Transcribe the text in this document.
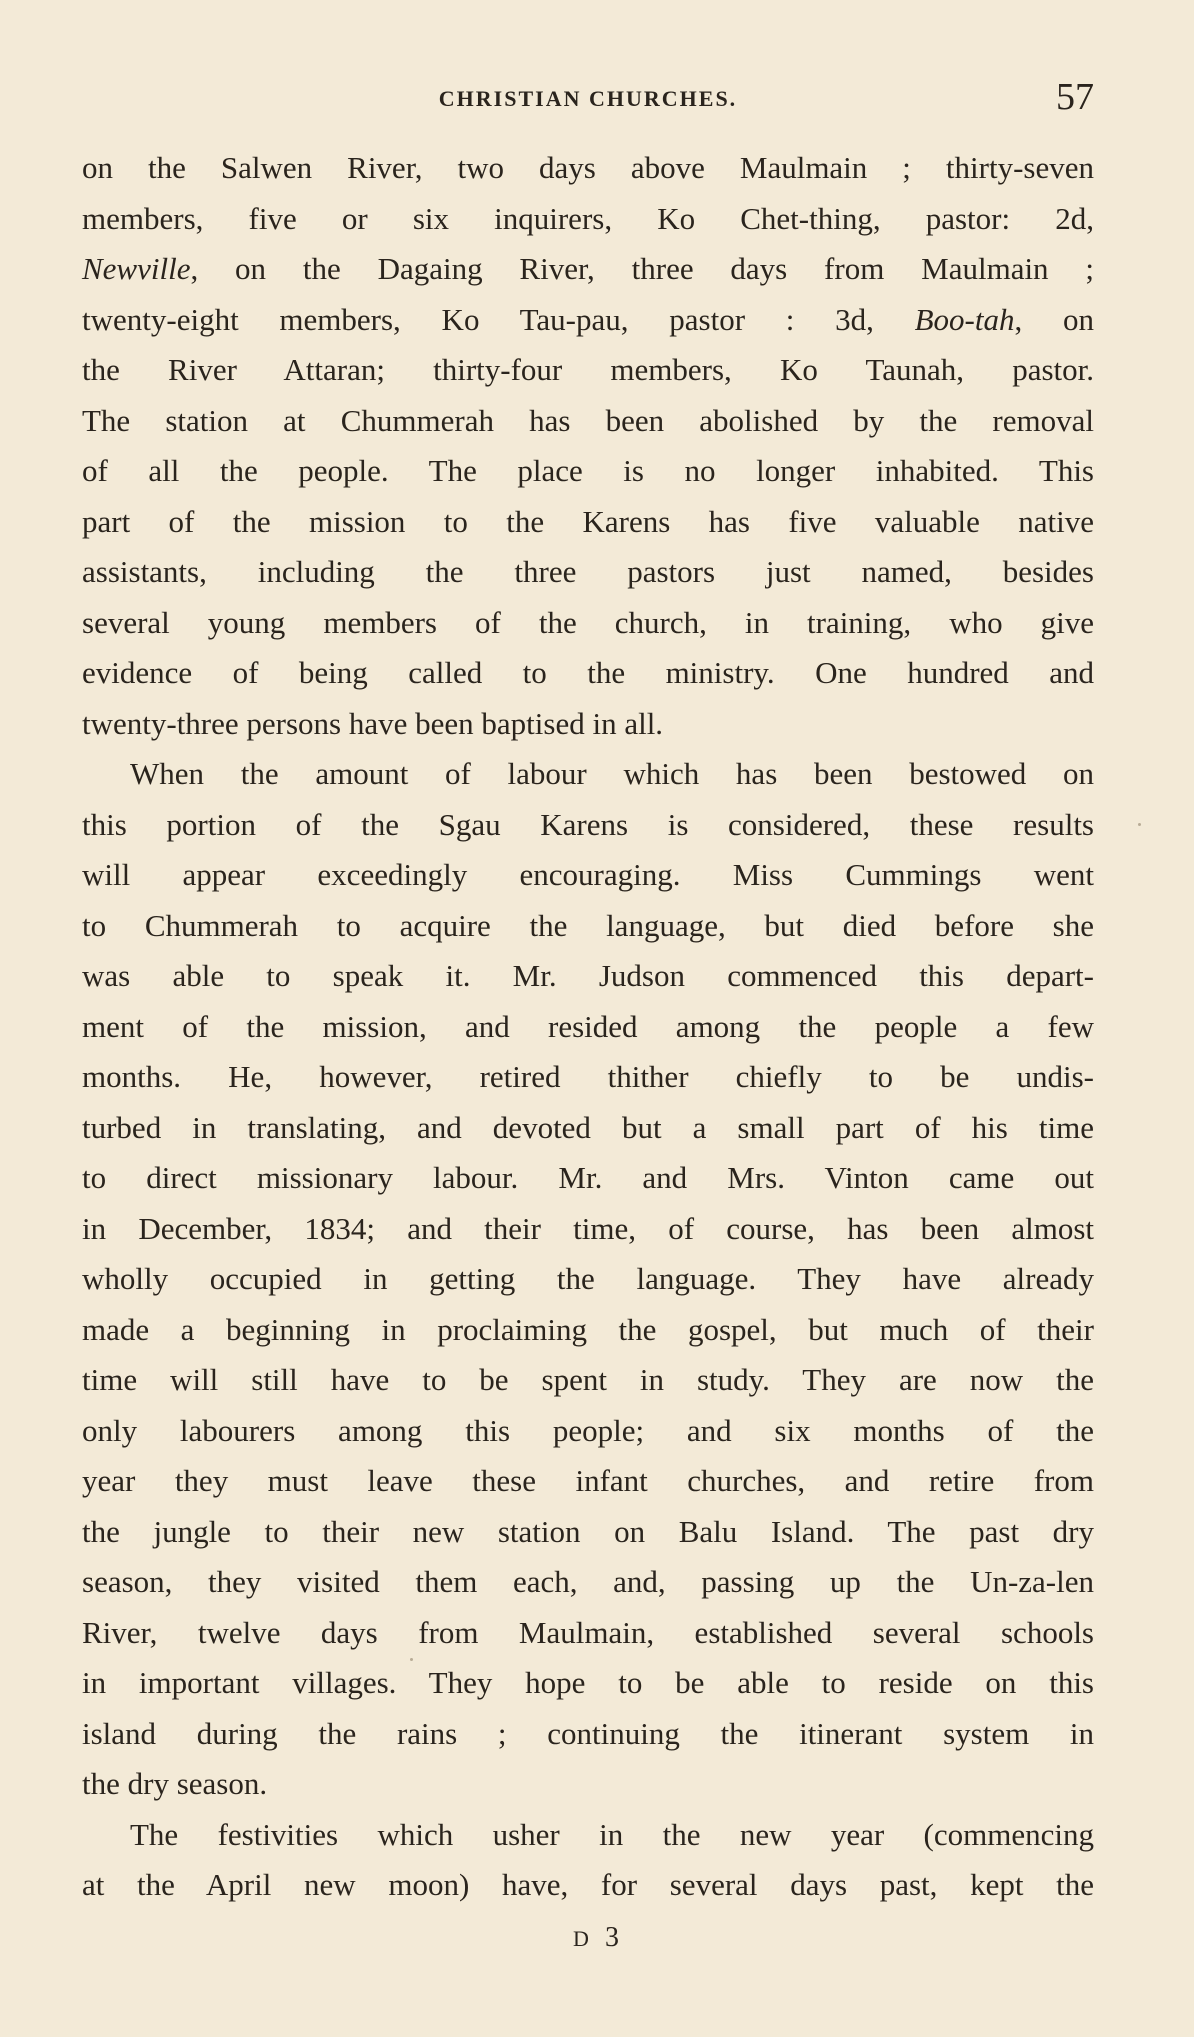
CHRISTIAN CHURCHES.	57
on the Salwen River, two days above Maulmain ; thirty-seven
members, five or six inquirers, Ko Chet-thing, pastor: 2d,
Newville, on the Dagaing River, three days from Maulmain ;
twenty-eight members, Ko Tau-pau, pastor : 3d, Boo-tah, on
the River Attaran; thirty-four members, Ko Taunah, pastor.
The station at Chummerah has been abolished by the removal
of all the people. The place is no longer inhabited. This
part of the mission to the Karens has five valuable native
assistants, including the three pastors just named, besides
several young members of the church, in training, who give
evidence of being called to the ministry. One hundred and
twenty-three persons have been baptised in all.
When the amount of labour which has been bestowed on
this portion of the Sgau Karens is considered, these results
will appear exceedingly encouraging. Miss Cummings went
to Chummerah to acquire the language, but died before she
was able to speak it. Mr. Judson commenced this depart-
ment of the mission, and resided among the people a few
months. He, however, retired thither chiefly to be undis-
turbed in translating, and devoted but a small part of his time
to direct missionary labour. Mr. and Mrs. Vinton came out
in December, 1834; and their time, of course, has been almost
wholly occupied in getting the language. They have already
made a beginning in proclaiming the gospel, but much of their
time will still have to be spent in study. They are now the
only labourers among this people; and six months of the
year they must leave these infant churches, and retire from
the jungle to their new station on Balu Island. The past dry
season, they visited them each, and, passing up the Un-za-len
River, twelve days from Maulmain, established several schools
in important villages. They hope to be able to reside on this
island during the rains ; continuing the itinerant system in
the dry season.
The festivities which usher in the new year (commencing
at the April new moon) have, for several days past, kept the
D 3
